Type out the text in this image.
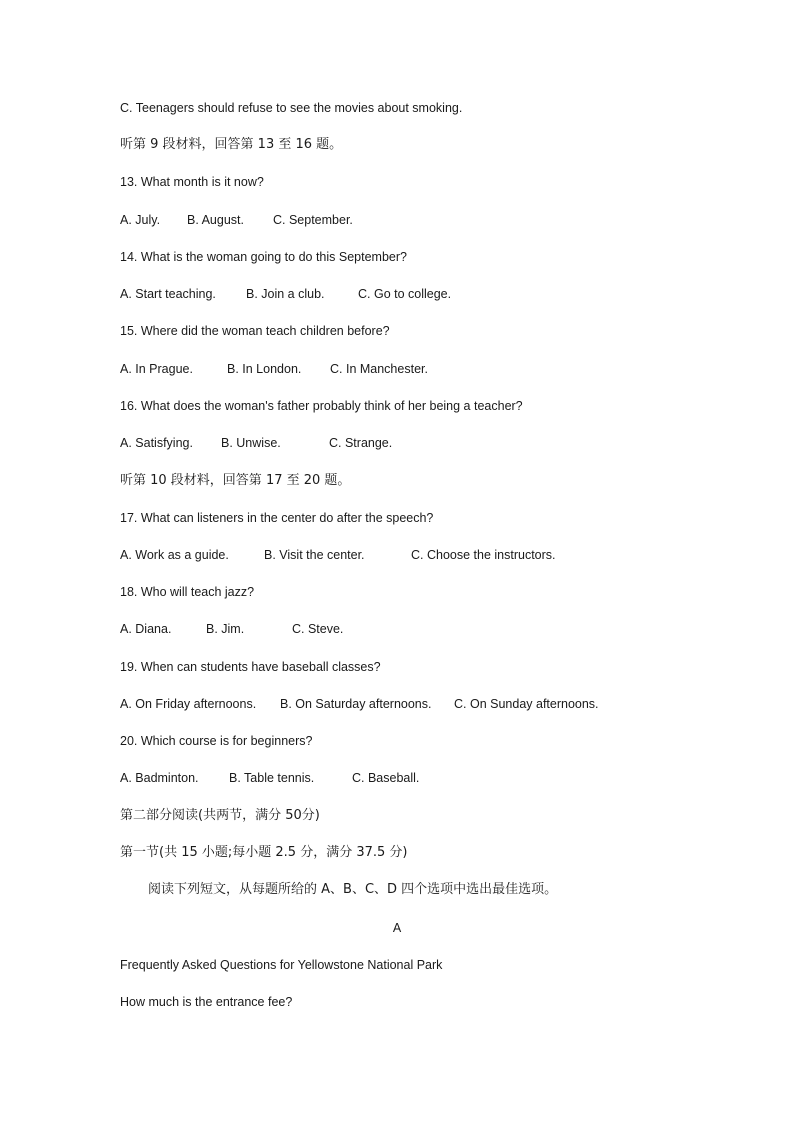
C. Teenagers should refuse to see the movies about smoking.
听第 9 段材料，回答第 13 至 16 题。
13. What month is it now?
A. July. B. August. C. September.
14. What is the woman going to do this September?
A. Start teaching. B. Join a club.	C. Go to college.
15. Where did the woman teach children before?
A. In Prague.	B. In London. C. In Manchester.
16. What does the woman's father probably think of her being a teacher?
A. Satisfying. B. Unwise.	C. Strange.
听第 10 段材料，回答第 17 至 20 题。
17. What can listeners in the center do after the speech?
A. Work as a guide.	B. Visit the center.	C. Choose the instructors.
18. Who will teach jazz?
A. Diana.	B. Jim.	C. Steve.
19. When can students have baseball classes?
A. On Friday afternoons. B. On Saturday afternoons. C. On Sunday afternoons.
20. Which course is for beginners?
A. Badminton. B. Table tennis.	C. Baseball.
第二部分阅读(共两节，满分 50分)
第一节(共 15 小题;每小题 2.5 分，满分 37.5 分)
阅读下列短文，从每题所给的 A、B、C、D 四个选项中选出最佳选项。
A
Frequently Asked Questions for Yellowstone National Park
How much is the entrance fee?
